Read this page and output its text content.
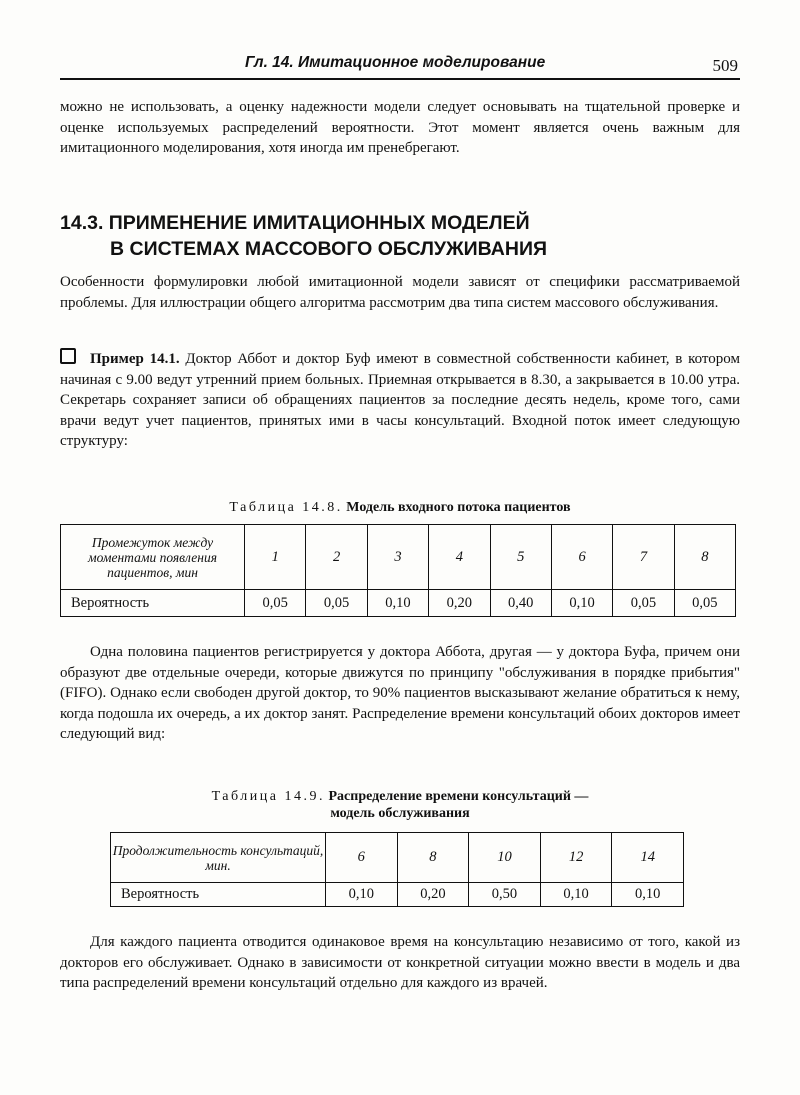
Гл. 14. Имитационное моделирование	509
можно не использовать, а оценку надежности модели следует основывать на тщательной проверке и оценке используемых распределений вероятности. Этот момент является очень важным для имитационного моделирования, хотя иногда им пренебрегают.
14.3. ПРИМЕНЕНИЕ ИМИТАЦИОННЫХ МОДЕЛЕЙ
В СИСТЕМАХ МАССОВОГО ОБСЛУЖИВАНИЯ
Особенности формулировки любой имитационной модели зависят от специфики рассматриваемой проблемы. Для иллюстрации общего алгоритма рассмотрим два типа систем массового обслуживания.
Пример 14.1. Доктор Аббот и доктор Буф имеют в совместной собственности кабинет, в котором начиная с 9.00 ведут утренний прием больных. Приемная открывается в 8.30, а закрывается в 10.00 утра. Секретарь сохраняет записи об обращениях пациентов за последние десять недель, кроме того, сами врачи ведут учет пациентов, принятых ими в часы консультаций. Входной поток имеет следующую структуру:
Таблица 14.8. Модель входного потока пациентов
Промежуток между моментами появления пациентов, мин	1	2	3	4	5	6	7	8
Вероятность	0,05	0,05	0,10	0,20	0,40	0,10	0,05	0,05
Одна половина пациентов регистрируется у доктора Аббота, другая — у доктора Буфа, причем они образуют две отдельные очереди, которые движутся по принципу "обслуживания в порядке прибытия" (FIFO). Однако если свободен другой доктор, то 90% пациентов высказывают желание обратиться к нему, когда подошла их очередь, а их доктор занят. Распределение времени консультаций обоих докторов имеет следующий вид:
Таблица 14.9. Распределение времени консультаций —
модель обслуживания
Продолжительность консультаций, мин.	6	8	10	12	14
Вероятность	0,10	0,20	0,50	0,10	0,10
Для каждого пациента отводится одинаковое время на консультацию независимо от того, какой из докторов его обслуживает. Однако в зависимости от конкретной ситуации можно ввести в модель и два типа распределений времени консультаций отдельно для каждого из врачей.
